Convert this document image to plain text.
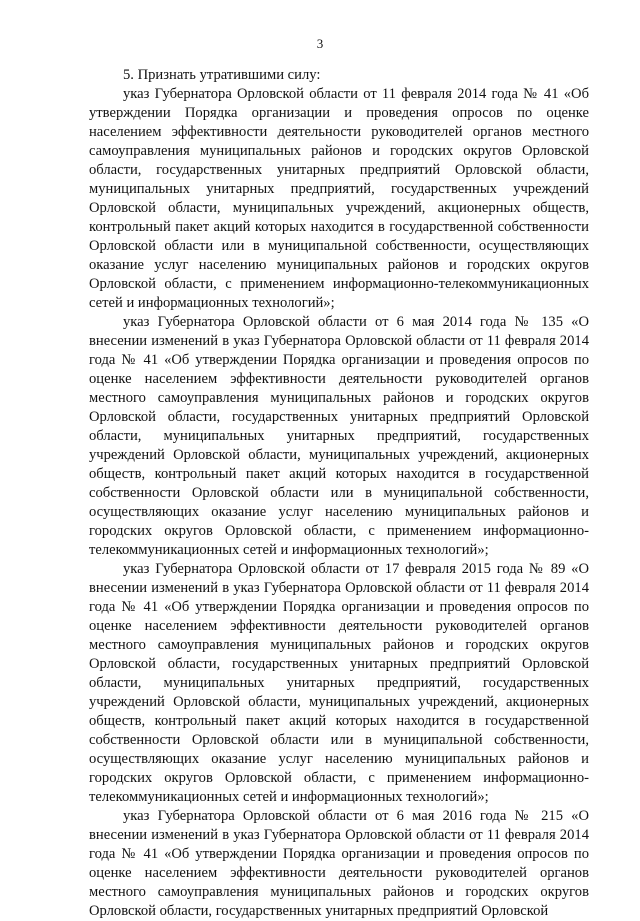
3

5. Признать утратившими силу:

указ Губернатора Орловской области от 11 февраля 2014 года № 41 «Об утверждении Порядка организации и проведения опросов по оценке населением эффективности деятельности руководителей органов местного самоуправления муниципальных районов и городских округов Орловской области, государственных унитарных предприятий Орловской области, муниципальных унитарных предприятий, государственных учреждений Орловской области, муниципальных учреждений, акционерных обществ, контрольный пакет акций которых находится в государственной собственности Орловской области или в муниципальной собственности, осуществляющих оказание услуг населению муниципальных районов и городских округов Орловской области, с применением информационно-телекоммуникационных сетей и информационных технологий»;

указ Губернатора Орловской области от 6 мая 2014 года № 135 «О внесении изменений в указ Губернатора Орловской области от 11 февраля 2014 года № 41 «Об утверждении Порядка организации и проведения опросов по оценке населением эффективности деятельности руководителей органов местного самоуправления муниципальных районов и городских округов Орловской области, государственных унитарных предприятий Орловской области, муниципальных унитарных предприятий, государственных учреждений Орловской области, муниципальных учреждений, акционерных обществ, контрольный пакет акций которых находится в государственной собственности Орловской области или в муниципальной собственности, осуществляющих оказание услуг населению муниципальных районов и городских округов Орловской области, с применением информационно-телекоммуникационных сетей и информационных технологий»;

указ Губернатора Орловской области от 17 февраля 2015 года № 89 «О внесении изменений в указ Губернатора Орловской области от 11 февраля 2014 года № 41 «Об утверждении Порядка организации и проведения опросов по оценке населением эффективности деятельности руководителей органов местного самоуправления муниципальных районов и городских округов Орловской области, государственных унитарных предприятий Орловской области, муниципальных унитарных предприятий, государственных учреждений Орловской области, муниципальных учреждений, акционерных обществ, контрольный пакет акций которых находится в государственной собственности Орловской области или в муниципальной собственности, осуществляющих оказание услуг населению муниципальных районов и городских округов Орловской области, с применением информационно-телекоммуникационных сетей и информационных технологий»;

указ Губернатора Орловской области от 6 мая 2016 года № 215 «О внесении изменений в указ Губернатора Орловской области от 11 февраля 2014 года № 41 «Об утверждении Порядка организации и проведения опросов по оценке населением эффективности деятельности руководителей органов местного самоуправления муниципальных районов и городских округов Орловской области, государственных унитарных предприятий Орловской
